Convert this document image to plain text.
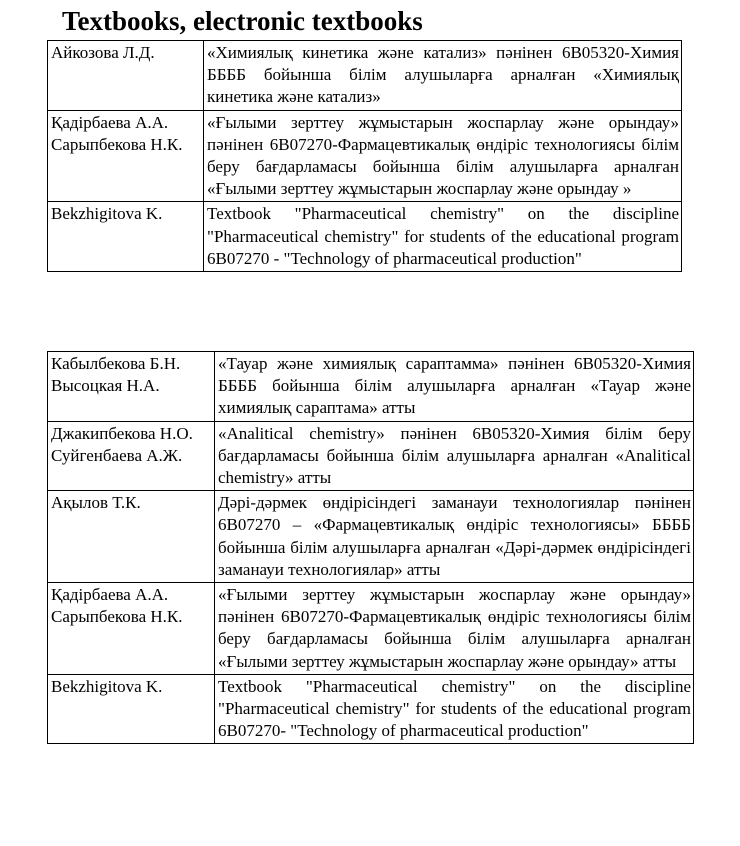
Textbooks, electronic textbooks
Айкозова Л.Д.	«Химиялық кинетика және катализ» пәнінен 6В05320-Химия ББББ бойынша білім алушыларға арналған «Химиялық кинетика және катализ»

Қадірбаева А.А.
Сарыпбекова Н.К.	«Ғылыми зерттеу жұмыстарын жоспарлау және орындау» пәнінен 6В07270-Фармацевтикалық өндіріс технологиясы білім беру бағдарламасы бойынша білім алушыларға арналған «Ғылыми зерттеу жұмыстарын жоспарлау және орындау »

Bekzhigitova K.	Textbook "Pharmaceutical chemistry" on the discipline "Pharmaceutical chemistry" for students of the educational program 6B07270 - "Technology of pharmaceutical production"
Кабылбекова Б.Н.
Высоцкая Н.А.	«Тауар және химиялық сараптамма» пәнінен 6В05320-Химия ББББ бойынша білім алушыларға арналған «Тауар және химиялық сараптама» атты

Джакипбекова Н.О.
Суйгенбаева А.Ж.	«Analitical chemistry» пәнінен 6В05320-Химия білім беру бағдарламасы бойынша білім алушыларға арналған «Analitical chemistry» атты

Ақылов Т.К.	Дәрі-дәрмек өндірісіндегі заманауи технологиялар пәнінен 6В07270 – «Фармацевтикалық өндіріс технологиясы» ББББ бойынша білім алушыларға арналған «Дәрі-дәрмек өндірісіндегі заманауи технологиялар» атты

Қадірбаева А.А.
Сарыпбекова Н.К.	«Ғылыми зерттеу жұмыстарын жоспарлау және орындау» пәнінен 6В07270-Фармацевтикалық өндіріс технологиясы білім беру бағдарламасы бойынша білім алушыларға арналған «Ғылыми зерттеу жұмыстарын жоспарлау және орындау» атты

Bekzhigitova K.	Textbook "Pharmaceutical chemistry" on the discipline "Pharmaceutical chemistry" for students of the educational program 6B07270- "Technology of pharmaceutical production"
